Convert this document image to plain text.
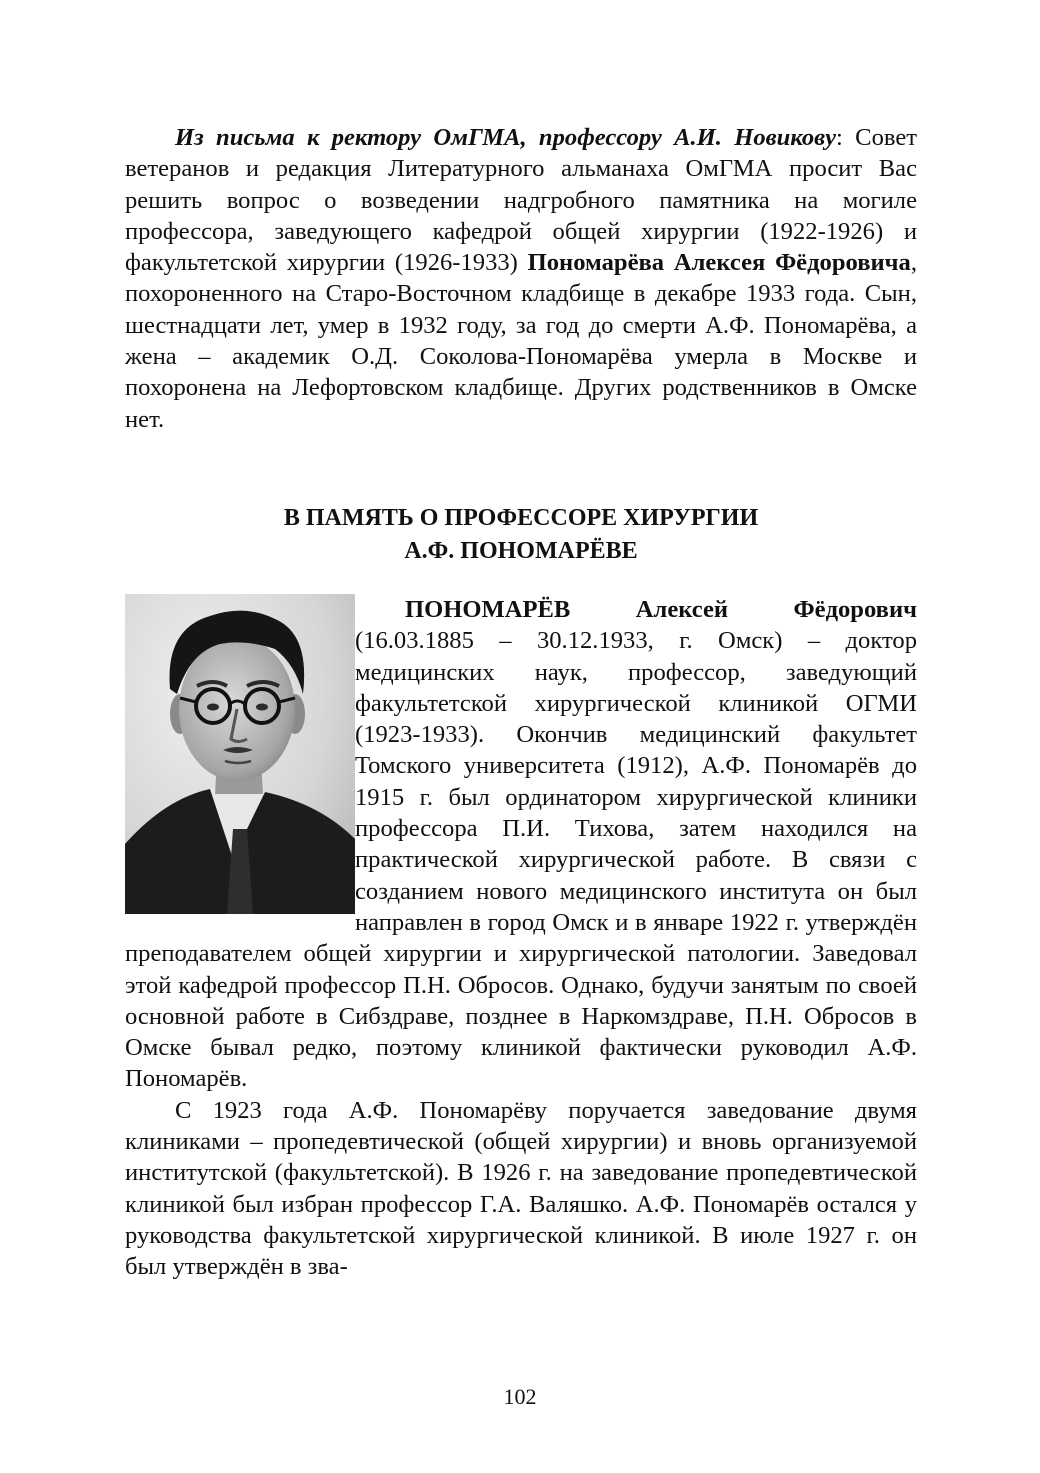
Из письма к ректору ОмГМА, профессору А.И. Новикову: Совет ветеранов и редакция Литературного альманаха ОмГМА просит Вас решить вопрос о возведении надгробного памятника на могиле профессора, заведующего кафедрой общей хирургии (1922-1926) и факультетской хирургии (1926-1933) Пономарёва Алексея Фёдоровича, похороненного на Старо-Восточном кладбище в декабре 1933 года. Сын, шестнадцати лет, умер в 1932 году, за год до смерти А.Ф. Пономарёва, а жена – академик О.Д. Соколова-Пономарёва умерла в Москве и похоронена на Лефортовском кладбище. Других родственников в Омске нет.

В ПАМЯТЬ О ПРОФЕССОРЕ ХИРУРГИИ
А.Ф. ПОНОМАРЁВЕ

ПОНОМАРЁВ Алексей Фёдорович (16.03.1885 – 30.12.1933, г. Омск) – доктор медицинских наук, профессор, заведующий факультетской хирургической клиникой ОГМИ (1923-1933). Окончив медицинский факультет Томского университета (1912), А.Ф. Пономарёв до 1915 г. был ординатором хирургической клиники профессора П.И. Тихова, затем находился на практической хирургической работе. В связи с созданием нового медицинского института он был направлен в город Омск и в январе 1922 г. утверждён преподавателем общей хирургии и хирургической патологии. Заведовал этой кафедрой профессор П.Н. Обросов. Однако, будучи занятым по своей основной работе в Сибздраве, позднее в Наркомздраве, П.Н. Обросов в Омске бывал редко, поэтому клиникой фактически руководил А.Ф. Пономарёв.

С 1923 года А.Ф. Пономарёву поручается заведование двумя клиниками – пропедевтической (общей хирургии) и вновь организуемой институтской (факультетской). В 1926 г. на заведование пропедевтической клиникой был избран профессор Г.А. Валяшко. А.Ф. Пономарёв остался у руководства факультетской хирургической клиникой. В июле 1927 г. он был утверждён в зва-

102
